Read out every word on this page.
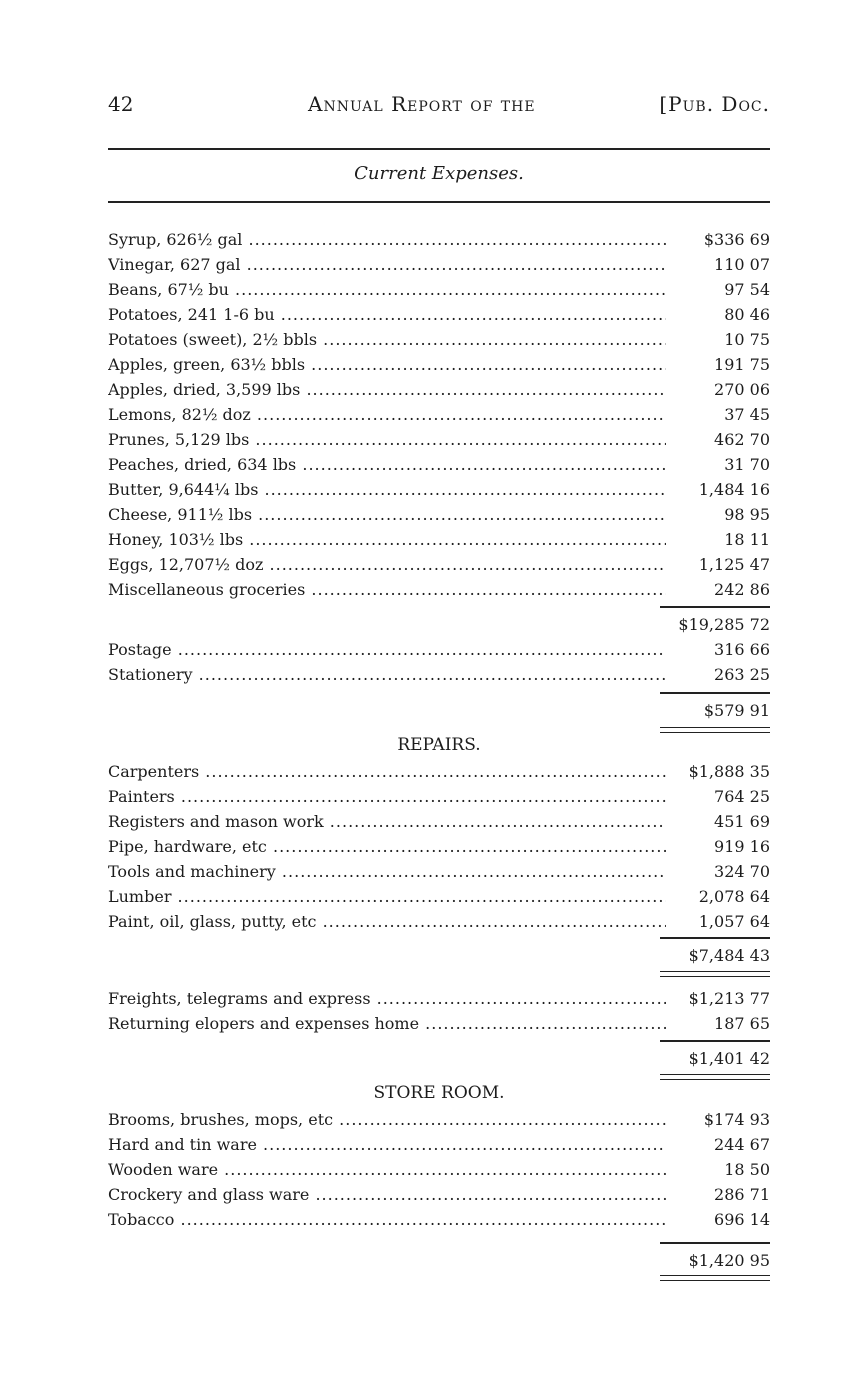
42	Annual Report of the	[Pub. Doc.
Current Expenses.
Syrup, 626½ gal .....	$336 69
Vinegar, 627 gal .....	110 07
Beans, 67½ bu .....	97 54
Potatoes, 241 1-6 bu .....	80 46
Potatoes (sweet), 2½ bbls .....	10 75
Apples, green, 63½ bbls .....	191 75
Apples, dried, 3,599 lbs .....	270 06
Lemons, 82½ doz .....	37 45
Prunes, 5,129 lbs .....	462 70
Peaches, dried, 634 lbs .....	31 70
Butter, 9,644¼ lbs .....	1,484 16
Cheese, 911½ lbs .....	98 95
Honey, 103½ lbs .....	18 11
Eggs, 12,707½ doz .....	1,125 47
Miscellaneous groceries .....	242 86
$19,285 72
Postage .....	316 66
Stationery .....	263 25
$579 91
REPAIRS.
Carpenters .....	$1,888 35
Painters .....	764 25
Registers and mason work .....	451 69
Pipe, hardware, etc .....	919 16
Tools and machinery .....	324 70
Lumber .....	2,078 64
Paint, oil, glass, putty, etc .....	1,057 64
$7,484 43
Freights, telegrams and express .....	$1,213 77
Returning elopers and expenses home .....	187 65
$1,401 42
STORE ROOM.
Brooms, brushes, mops, etc .....	$174 93
Hard and tin ware .....	244 67
Wooden ware .....	18 50
Crockery and glass ware .....	286 71
Tobacco .....	696 14
$1,420 95
